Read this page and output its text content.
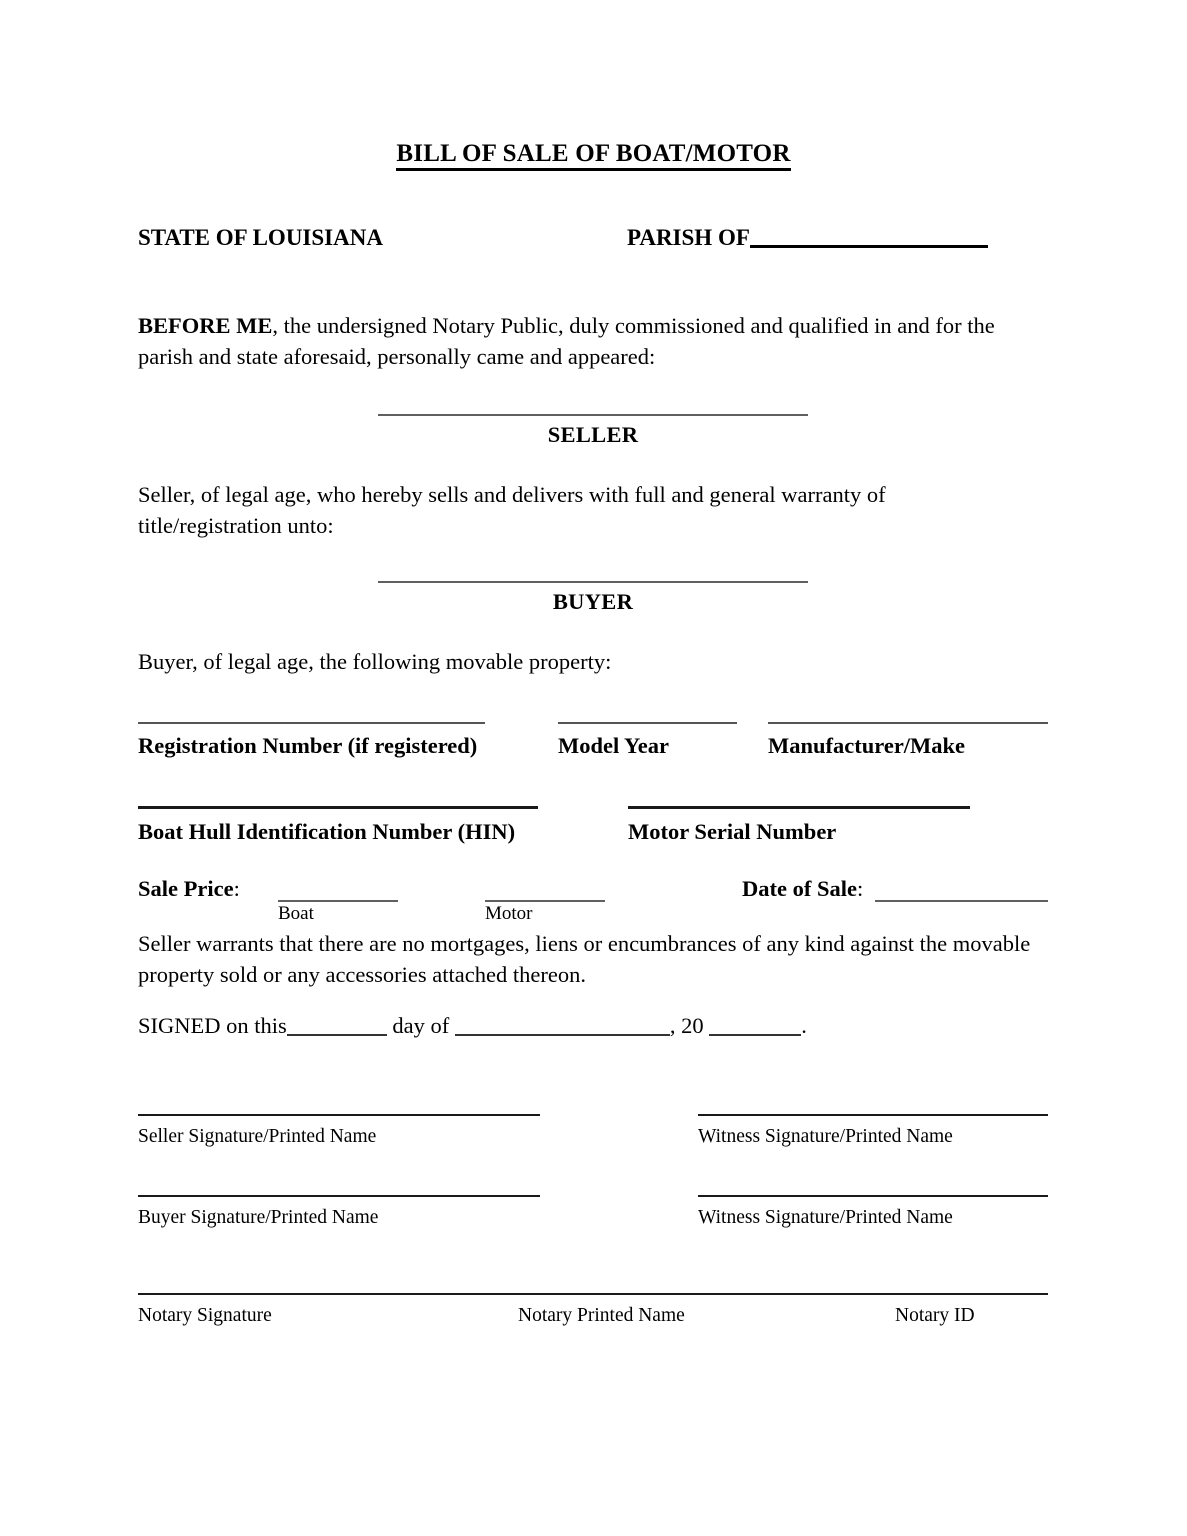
BILL OF SALE OF BOAT/MOTOR
STATE OF LOUISIANA	PARISH OF
BEFORE ME, the undersigned Notary Public, duly commissioned and qualified in and for the parish and state aforesaid, personally came and appeared:
SELLER
Seller, of legal age, who hereby sells and delivers with full and general warranty of title/registration unto:
BUYER
Buyer, of legal age, the following movable property:
Registration Number (if registered)	Model Year	Manufacturer/Make
Boat Hull Identification Number (HIN)	Motor Serial Number
Sale Price:
Boat	Motor
Date of Sale:
Seller warrants that there are no mortgages, liens or encumbrances of any kind against the movable property sold or any accessories attached thereon.
SIGNED on this	day of	, 20	.
Seller Signature/Printed Name	Witness Signature/Printed Name
Buyer Signature/Printed Name	Witness Signature/Printed Name
Notary Signature	Notary Printed Name	Notary ID
